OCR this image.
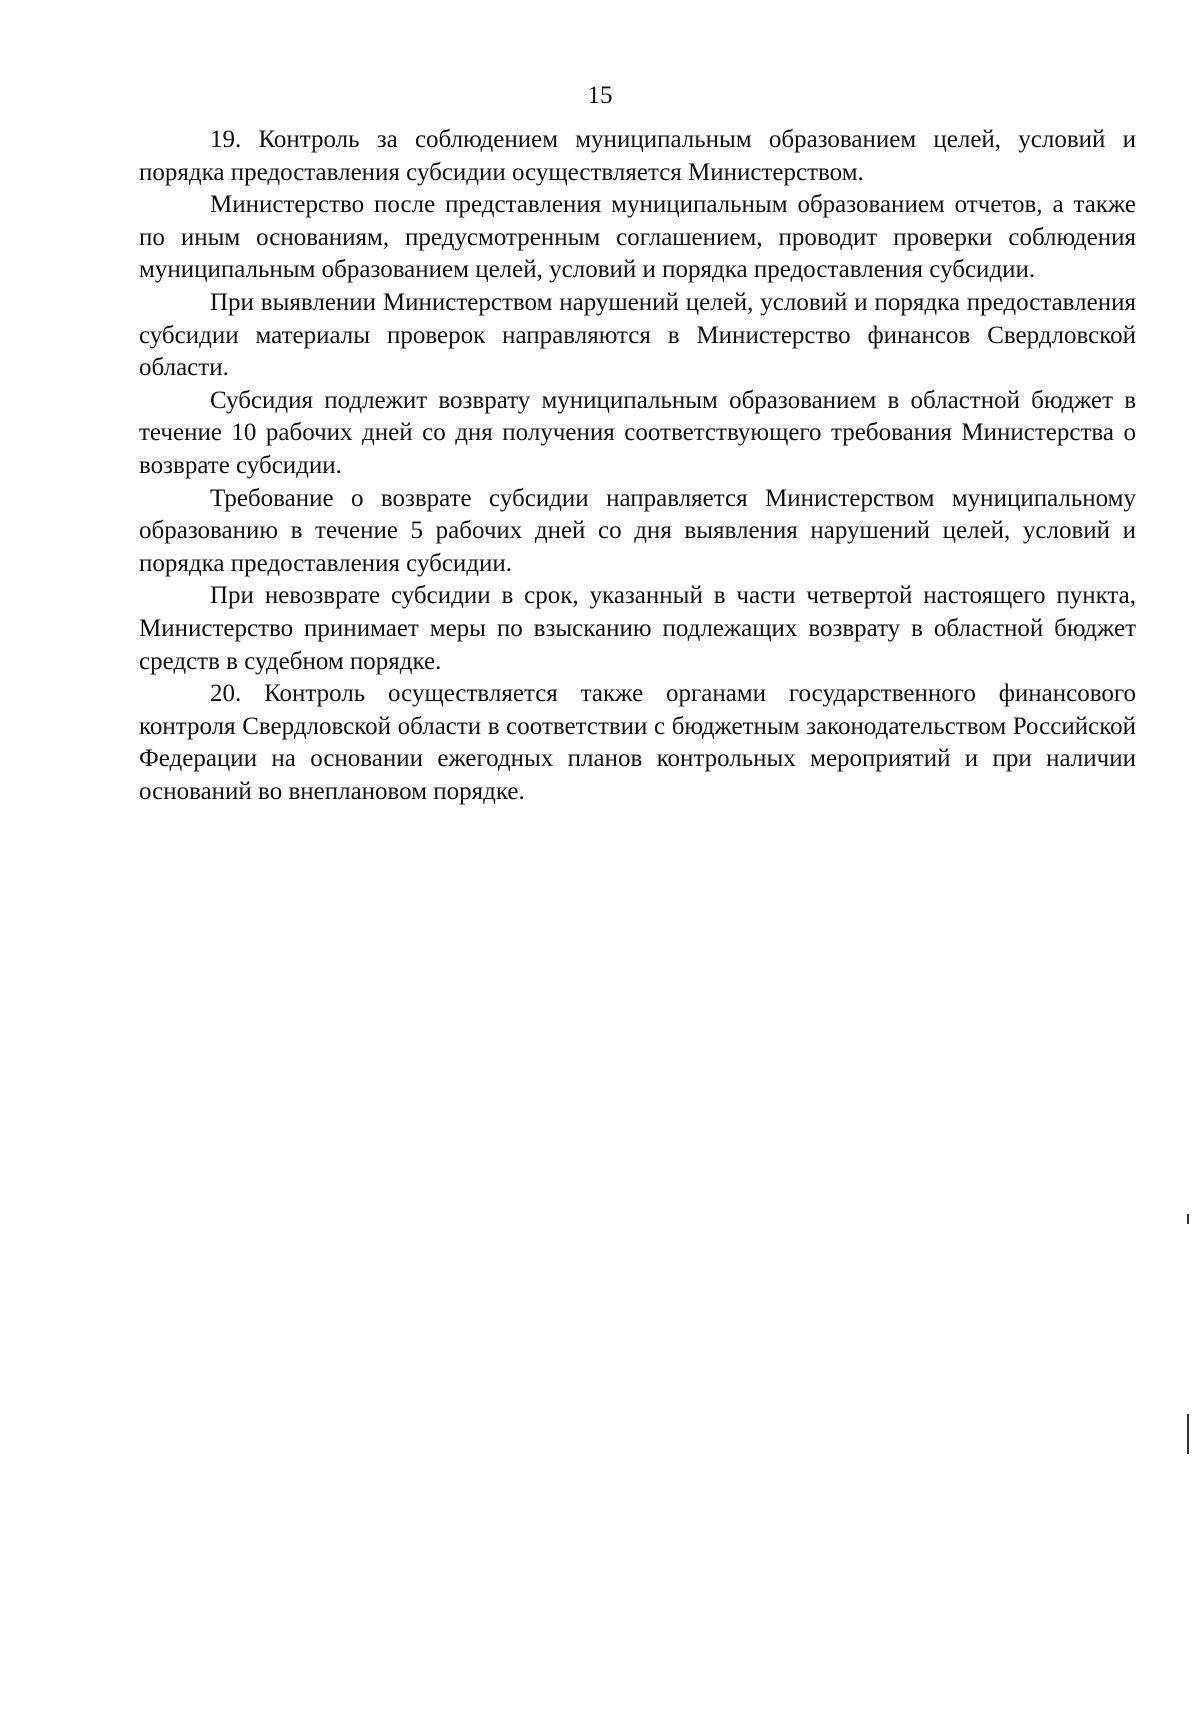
15

19. Контроль за соблюдением муниципальным образованием целей, условий и порядка предоставления субсидии осуществляется Министерством.

Министерство после представления муниципальным образованием отчетов, а также по иным основаниям, предусмотренным соглашением, проводит проверки соблюдения муниципальным образованием целей, условий и порядка предоставления субсидии.

При выявлении Министерством нарушений целей, условий и порядка предоставления субсидии материалы проверок направляются в Министерство финансов Свердловской области.

Субсидия подлежит возврату муниципальным образованием в областной бюджет в течение 10 рабочих дней со дня получения соответствующего требования Министерства о возврате субсидии.

Требование о возврате субсидии направляется Министерством муниципальному образованию в течение 5 рабочих дней со дня выявления нарушений целей, условий и порядка предоставления субсидии.

При невозврате субсидии в срок, указанный в части четвертой настоящего пункта, Министерство принимает меры по взысканию подлежащих возврату в областной бюджет средств в судебном порядке.

20. Контроль осуществляется также органами государственного финансового контроля Свердловской области в соответствии с бюджетным законодательством Российской Федерации на основании ежегодных планов контрольных мероприятий и при наличии оснований во внеплановом порядке.
